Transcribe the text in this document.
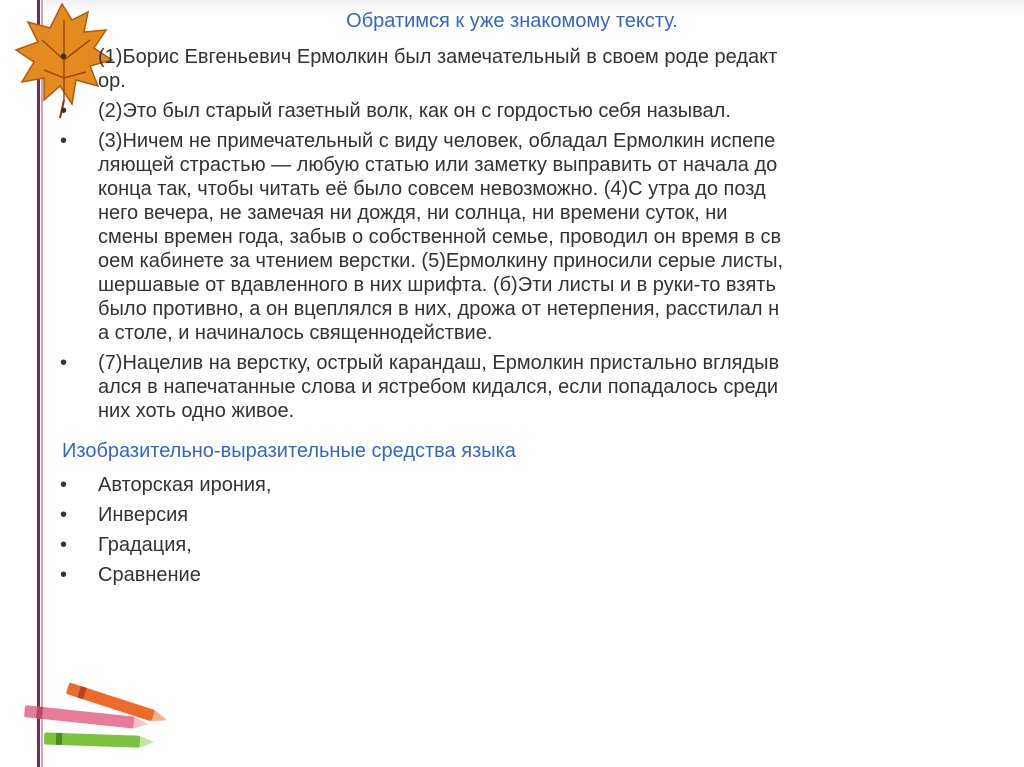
Обратимся к уже знакомому тексту.
• (1)Борис Евгеньевич Ермолкин был замечательный в своем роде редакт
ор.
• (2)Это был старый газетный волк, как он с гордостью себя называл.
• (3)Ничем не примечательный с виду человек, обладал Ермолкин испепе
ляющей страстью — любую статью или заметку выправить от начала до
конца так, чтобы читать её было совсем невозможно. (4)С утра до позд
него вечера, не замечая ни дождя, ни солнца, ни времени суток, ни
смены времен года, забыв о собственной семье, проводил он время в св
оем кабинете за чтением верстки. (5)Ермолкину приносили серые листы,
шершавые от вдавленного в них шрифта. (б)Эти листы и в руки-то взять
было противно, а он вцеплялся в них, дрожа от нетерпения, расстилал н
а столе, и начиналось священнодействие.
• (7)Нацелив на верстку, острый карандаш, Ермолкин пристально вглядыв
ался в напечатанные слова и ястребом кидался, если попадалось среди
них хоть одно живое.
Изобразительно-выразительные средства языка
• Авторская ирония,
• Инверсия
• Градация,
• Сравнение
